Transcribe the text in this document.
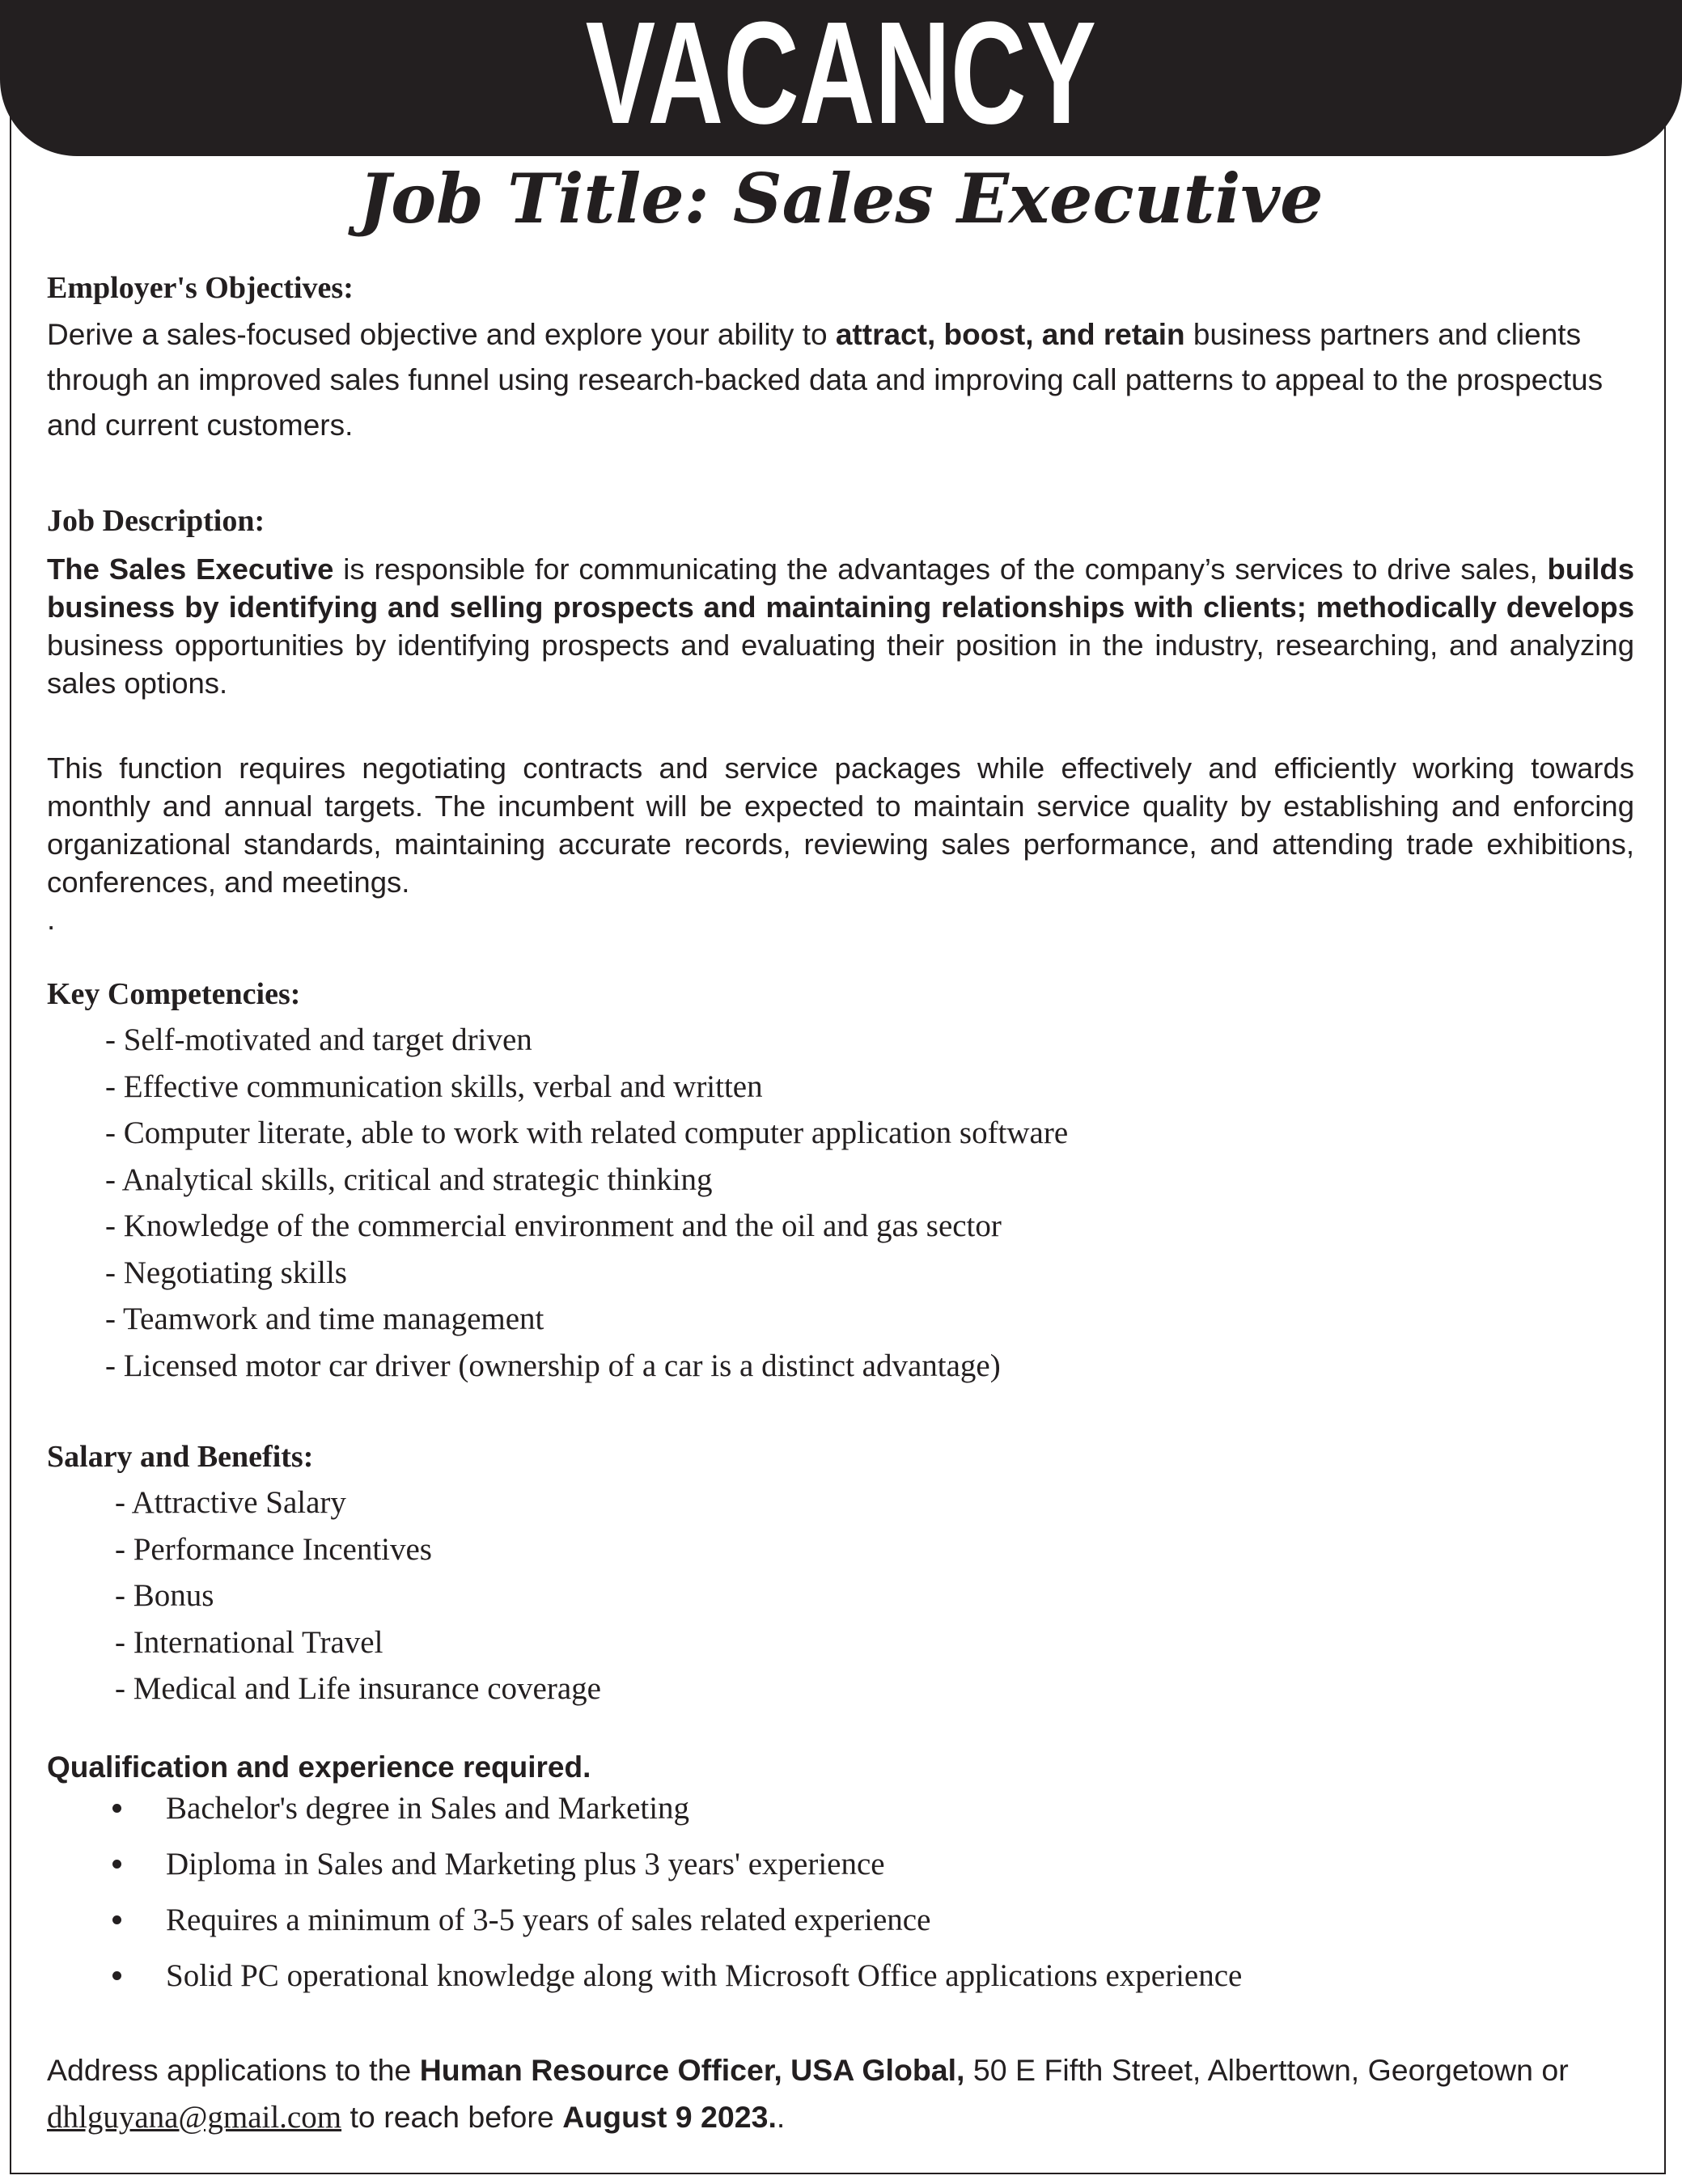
VACANCY
Job Title: Sales Executive

Employer's Objectives:

Derive a sales-focused objective and explore your ability to attract, boost, and retain business partners and clients through an improved sales funnel using research-backed data and improving call patterns to appeal to the prospectus and current customers.

Job Description:

The Sales Executive is responsible for communicating the advantages of the company’s services to drive sales, builds business by identifying and selling prospects and maintaining relationships with clients; methodically develops business opportunities by identifying prospects and evaluating their position in the industry, researching, and analyzing sales options.

This function requires negotiating contracts and service packages while effectively and efficiently working towards monthly and annual targets. The incumbent will be expected to maintain service quality by establishing and enforcing organizational standards, maintaining accurate records, reviewing sales performance, and attending trade exhibitions, conferences, and meetings.

.

Key Competencies:

- Self-motivated and target driven
- Effective communication skills, verbal and written
- Computer literate, able to work with related computer application software
- Analytical skills, critical and strategic thinking
- Knowledge of the commercial environment and the oil and gas sector
- Negotiating skills
- Teamwork and time management
- Licensed motor car driver (ownership of a car is a distinct advantage)

Salary and Benefits:

- Attractive Salary
- Performance Incentives
- Bonus
- International Travel
- Medical and Life insurance coverage

Qualification and experience required.

Bachelor's degree in Sales and Marketing
Diploma in Sales and Marketing plus 3 years' experience
Requires a minimum of 3-5 years of sales related experience
Solid PC operational knowledge along with Microsoft Office applications experience

Address applications to the Human Resource Officer, USA Global, 50 E Fifth Street, Alberttown, Georgetown or dhlguyana@gmail.com to reach before August 9 2023..
